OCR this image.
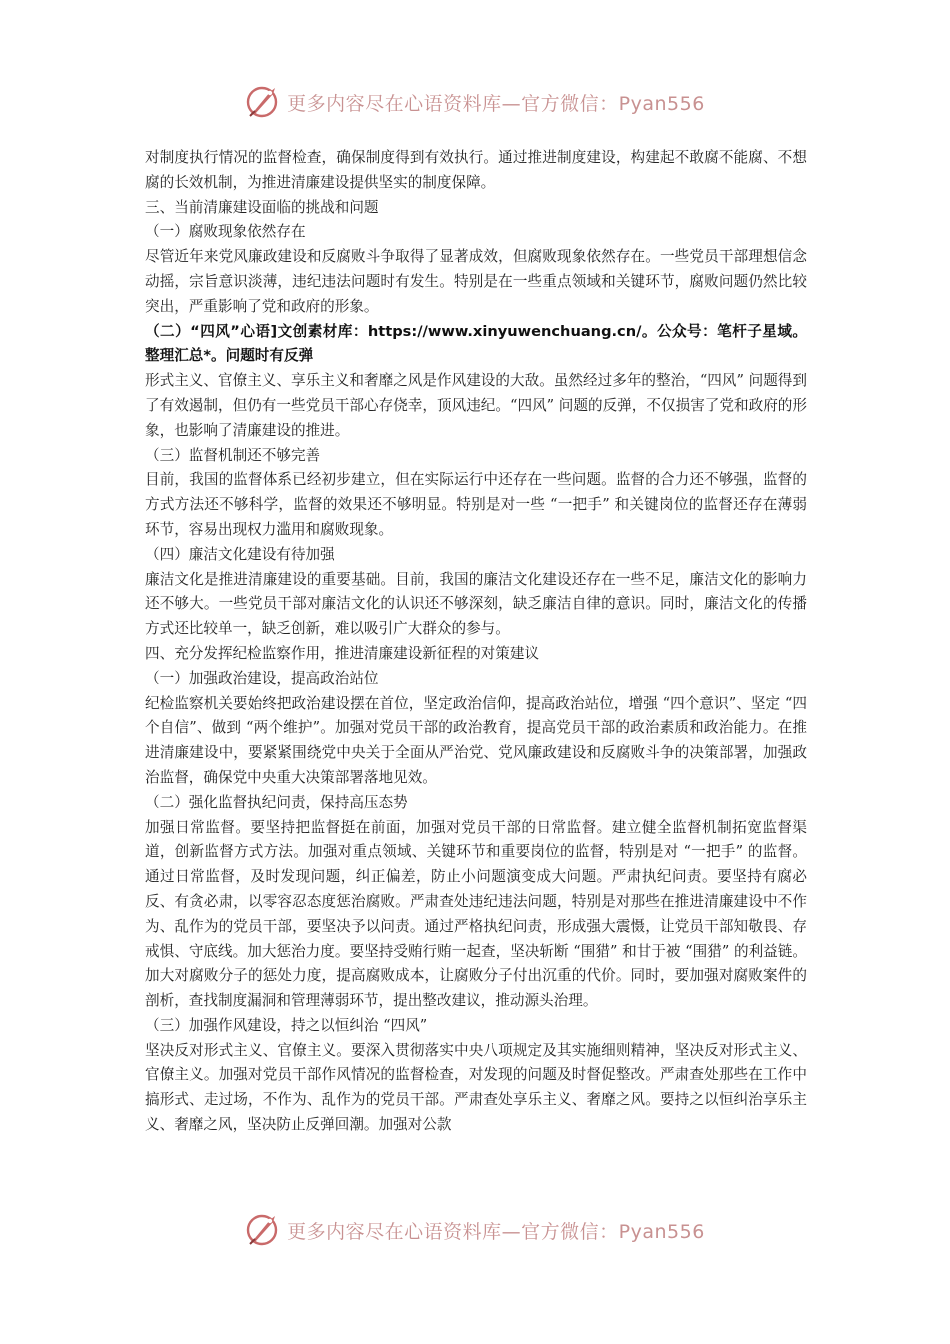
更多内容尽在心语资料库—官方微信：Pyan556

对制度执行情况的监督检查，确保制度得到有效执行。通过推进制度建设，构建起不敢腐不能腐、不想腐的长效机制，为推进清廉建设提供坚实的制度保障。

三、当前清廉建设面临的挑战和问题

（一）腐败现象依然存在

尽管近年来党风廉政建设和反腐败斗争取得了显著成效，但腐败现象依然存在。一些党员干部理想信念动摇，宗旨意识淡薄，违纪违法问题时有发生。特别是在一些重点领域和关键环节，腐败问题仍然比较突出，严重影响了党和政府的形象。

（二）“四风”心语]文创素材库：https://www.xinyuwenchuang.cn/。公众号：笔杆子星域。整理汇总*。问题时有反弹

形式主义、官僚主义、享乐主义和奢靡之风是作风建设的大敌。虽然经过多年的整治，“四风” 问题得到了有效遏制，但仍有一些党员干部心存侥幸，顶风违纪。“四风” 问题的反弹，不仅损害了党和政府的形象，也影响了清廉建设的推进。

（三）监督机制还不够完善

目前，我国的监督体系已经初步建立，但在实际运行中还存在一些问题。监督的合力还不够强，监督的方式方法还不够科学，监督的效果还不够明显。特别是对一些 “一把手” 和关键岗位的监督还存在薄弱环节，容易出现权力滥用和腐败现象。

（四）廉洁文化建设有待加强

廉洁文化是推进清廉建设的重要基础。目前，我国的廉洁文化建设还存在一些不足，廉洁文化的影响力还不够大。一些党员干部对廉洁文化的认识还不够深刻，缺乏廉洁自律的意识。同时，廉洁文化的传播方式还比较单一，缺乏创新，难以吸引广大群众的参与。

四、充分发挥纪检监察作用，推进清廉建设新征程的对策建议

（一）加强政治建设，提高政治站位

纪检监察机关要始终把政治建设摆在首位，坚定政治信仰，提高政治站位，增强 “四个意识”、坚定 “四个自信”、做到 “两个维护”。加强对党员干部的政治教育，提高党员干部的政治素质和政治能力。在推进清廉建设中，要紧紧围绕党中央关于全面从严治党、党风廉政建设和反腐败斗争的决策部署，加强政治监督，确保党中央重大决策部署落地见效。

（二）强化监督执纪问责，保持高压态势

加强日常监督。要坚持把监督挺在前面，加强对党员干部的日常监督。建立健全监督机制拓宽监督渠道，创新监督方式方法。加强对重点领域、关键环节和重要岗位的监督，特别是对 “一把手” 的监督。通过日常监督，及时发现问题，纠正偏差，防止小问题演变成大问题。严肃执纪问责。要坚持有腐必反、有贪必肃，以零容忍态度惩治腐败。严肃查处违纪违法问题，特别是对那些在推进清廉建设中不作为、乱作为的党员干部，要坚决予以问责。通过严格执纪问责，形成强大震慑，让党员干部知敬畏、存戒惧、守底线。加大惩治力度。要坚持受贿行贿一起查，坚决斩断 “围猎” 和甘于被 “围猎” 的利益链。加大对腐败分子的惩处力度，提高腐败成本，让腐败分子付出沉重的代价。同时，要加强对腐败案件的剖析，查找制度漏洞和管理薄弱环节，提出整改建议，推动源头治理。

（三）加强作风建设，持之以恒纠治 “四风”

坚决反对形式主义、官僚主义。要深入贯彻落实中央八项规定及其实施细则精神，坚决反对形式主义、官僚主义。加强对党员干部作风情况的监督检查，对发现的问题及时督促整改。严肃查处那些在工作中搞形式、走过场，不作为、乱作为的党员干部。严肃查处享乐主义、奢靡之风。要持之以恒纠治享乐主义、奢靡之风，坚决防止反弹回潮。加强对公款

更多内容尽在心语资料库—官方微信：Pyan556
